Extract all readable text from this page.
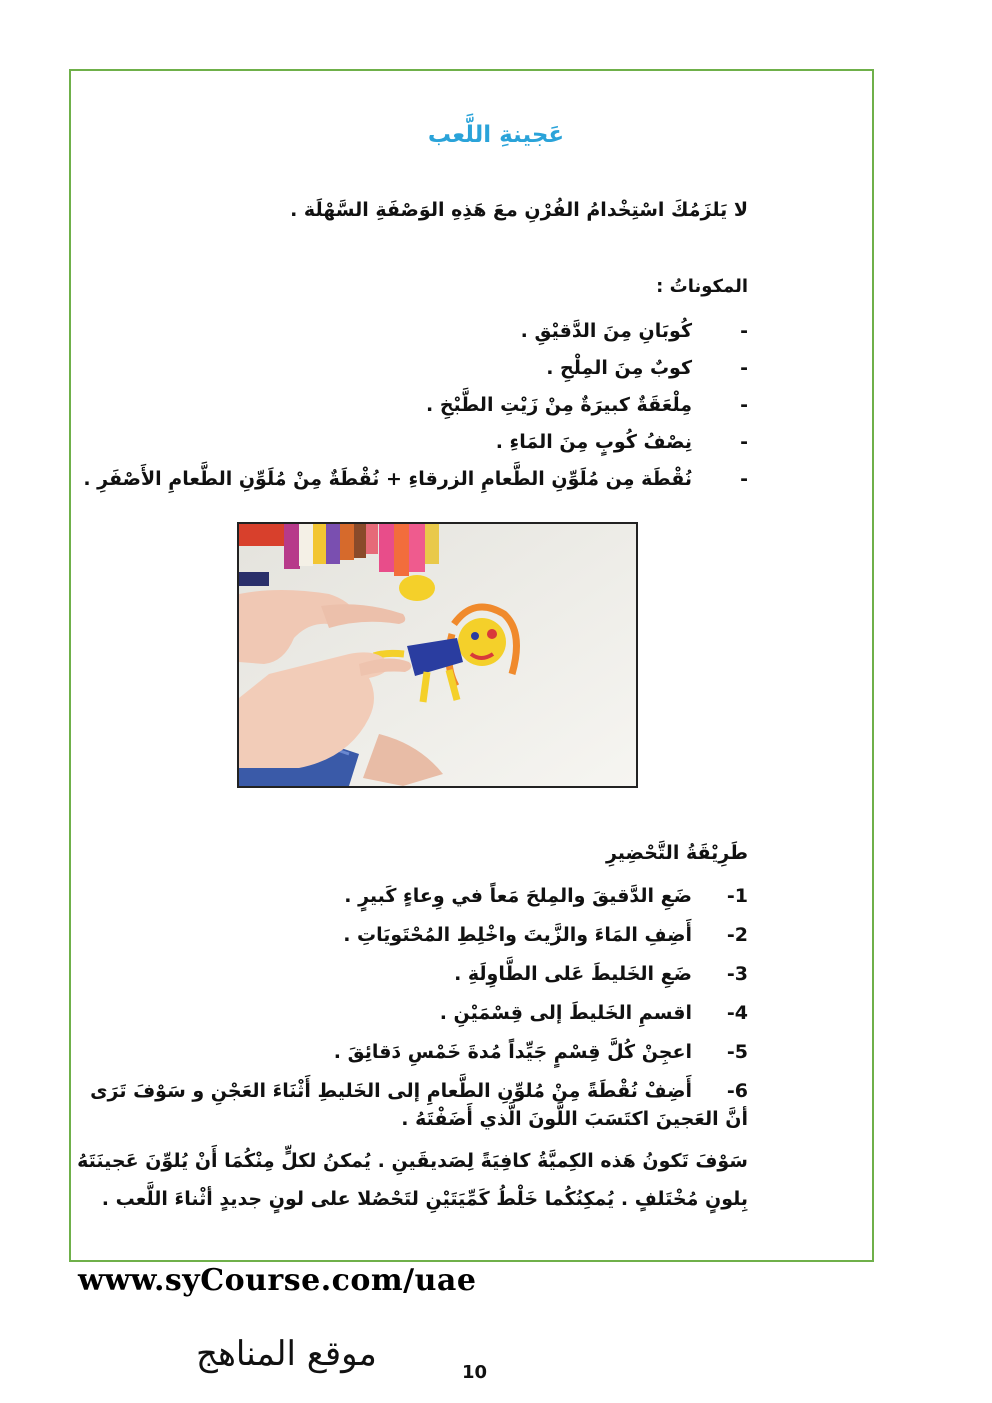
عَجينةِ اللَّعب
لا يَلزَمُكَ اسْتِخْدامُ الفُرْنِ معَ هَذِهِ الوَصْفَةِ السَّهْلَة .
المكوناتُ :
-
كُوبَانِ مِنَ الدَّقيْقِ .
-
كوبٌ مِنَ المِلْحِ .
-
مِلْعَقَةٌ كبيرَةٌ مِنْ زَيْتِ الطَّبْخِ .
-
نِصْفُ كُوبٍ مِنَ المَاءِ .
-
نُقْطَة مِن مُلَوِّنِ الطَّعامِ الزرقاءِ + نُقْطَةٌ مِنْ مُلَوِّنِ الطَّعامِ الأَصْفَرِ .
طَرِيْقَةُ التَّحْضِيرِ
1-
ضَعِ الدَّقيقَ والمِلحَ مَعاً في وِعاءٍ كَبيرٍ .
2-
أَضِفِ المَاءَ والزَّيتَ واخْلِطِ المُحْتَويَاتِ .
3-
ضَعِ الخَليطَ عَلى الطَّاوِلَةِ .
4-
اقسمِ الخَليطَ إلى قِسْمَيْنِ .
5-
اعجِنْ كُلَّ قِسْمٍ جَيِّداً مُدةَ خَمْسِ دَقائِقَ .
6-
أَضِفْ نُقْطَةً مِنْ مُلوِّنِ الطَّعامِ إلى الخَليطِ أَثْنَاءَ العَجْنِ و سَوْفَ تَرَى
أنَّ العَجينَ اكتَسَبَ اللَّونَ الَّذي أَضَفْتَهُ .
سَوْفَ تَكونُ هَذه الكِميَّةُ كافِيَةً لِصَديقَينِ . يُمكنُ لكلٍّ مِنْكُمَا أَنْ يُلوِّنَ عَجينَتَهُ
بِلونٍ مُخْتَلفٍ . يُمكِنُكُما خَلْطُ كَمِّيَتَيْنِ لتَحْصُلا على لونٍ جديدٍ أثْناءَ اللَّعب .
www.syCourse.com/uae
موقع المناهج	10
